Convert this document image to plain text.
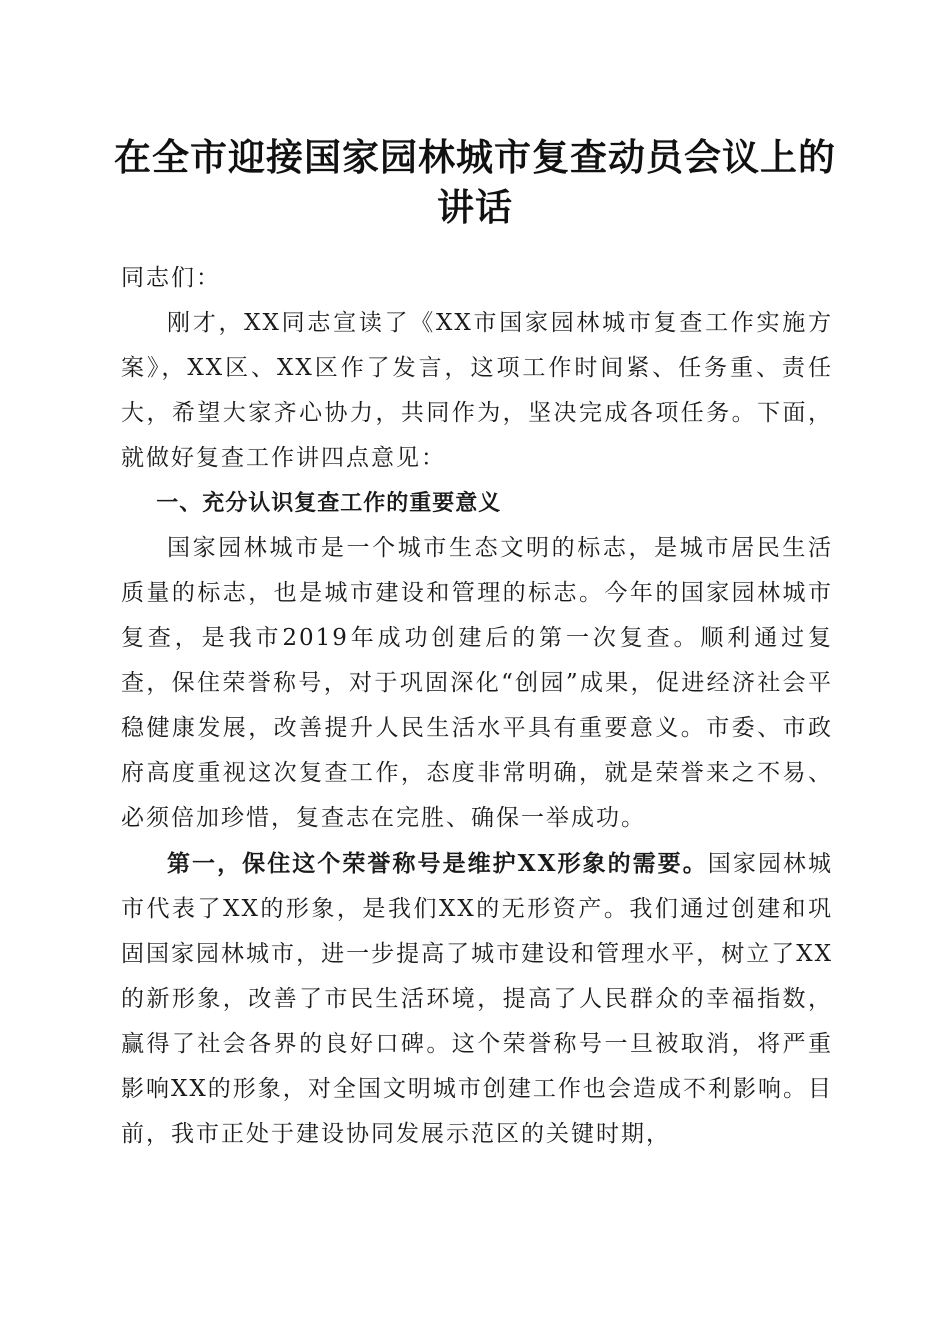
在全市迎接国家园林城市复查动员会议上的讲话

同志们：

刚才，XX同志宣读了《XX市国家园林城市复查工作实施方案》，XX区、XX区作了发言，这项工作时间紧、任务重、责任大，希望大家齐心协力，共同作为，坚决完成各项任务。下面，就做好复查工作讲四点意见：

一、充分认识复查工作的重要意义

国家园林城市是一个城市生态文明的标志，是城市居民生活质量的标志，也是城市建设和管理的标志。今年的国家园林城市复查，是我市2019年成功创建后的第一次复查。顺利通过复查，保住荣誉称号，对于巩固深化“创园”成果，促进经济社会平稳健康发展，改善提升人民生活水平具有重要意义。市委、市政府高度重视这次复查工作，态度非常明确，就是荣誉来之不易、必须倍加珍惜，复查志在完胜、确保一举成功。

第一，保住这个荣誉称号是维护XX形象的需要。国家园林城市代表了XX的形象，是我们XX的无形资产。我们通过创建和巩固国家园林城市，进一步提高了城市建设和管理水平，树立了XX的新形象，改善了市民生活环境，提高了人民群众的幸福指数，赢得了社会各界的良好口碑。这个荣誉称号一旦被取消，将严重影响XX的形象，对全国文明城市创建工作也会造成不利影响。目前，我市正处于建设协同发展示范区的关键时期，
